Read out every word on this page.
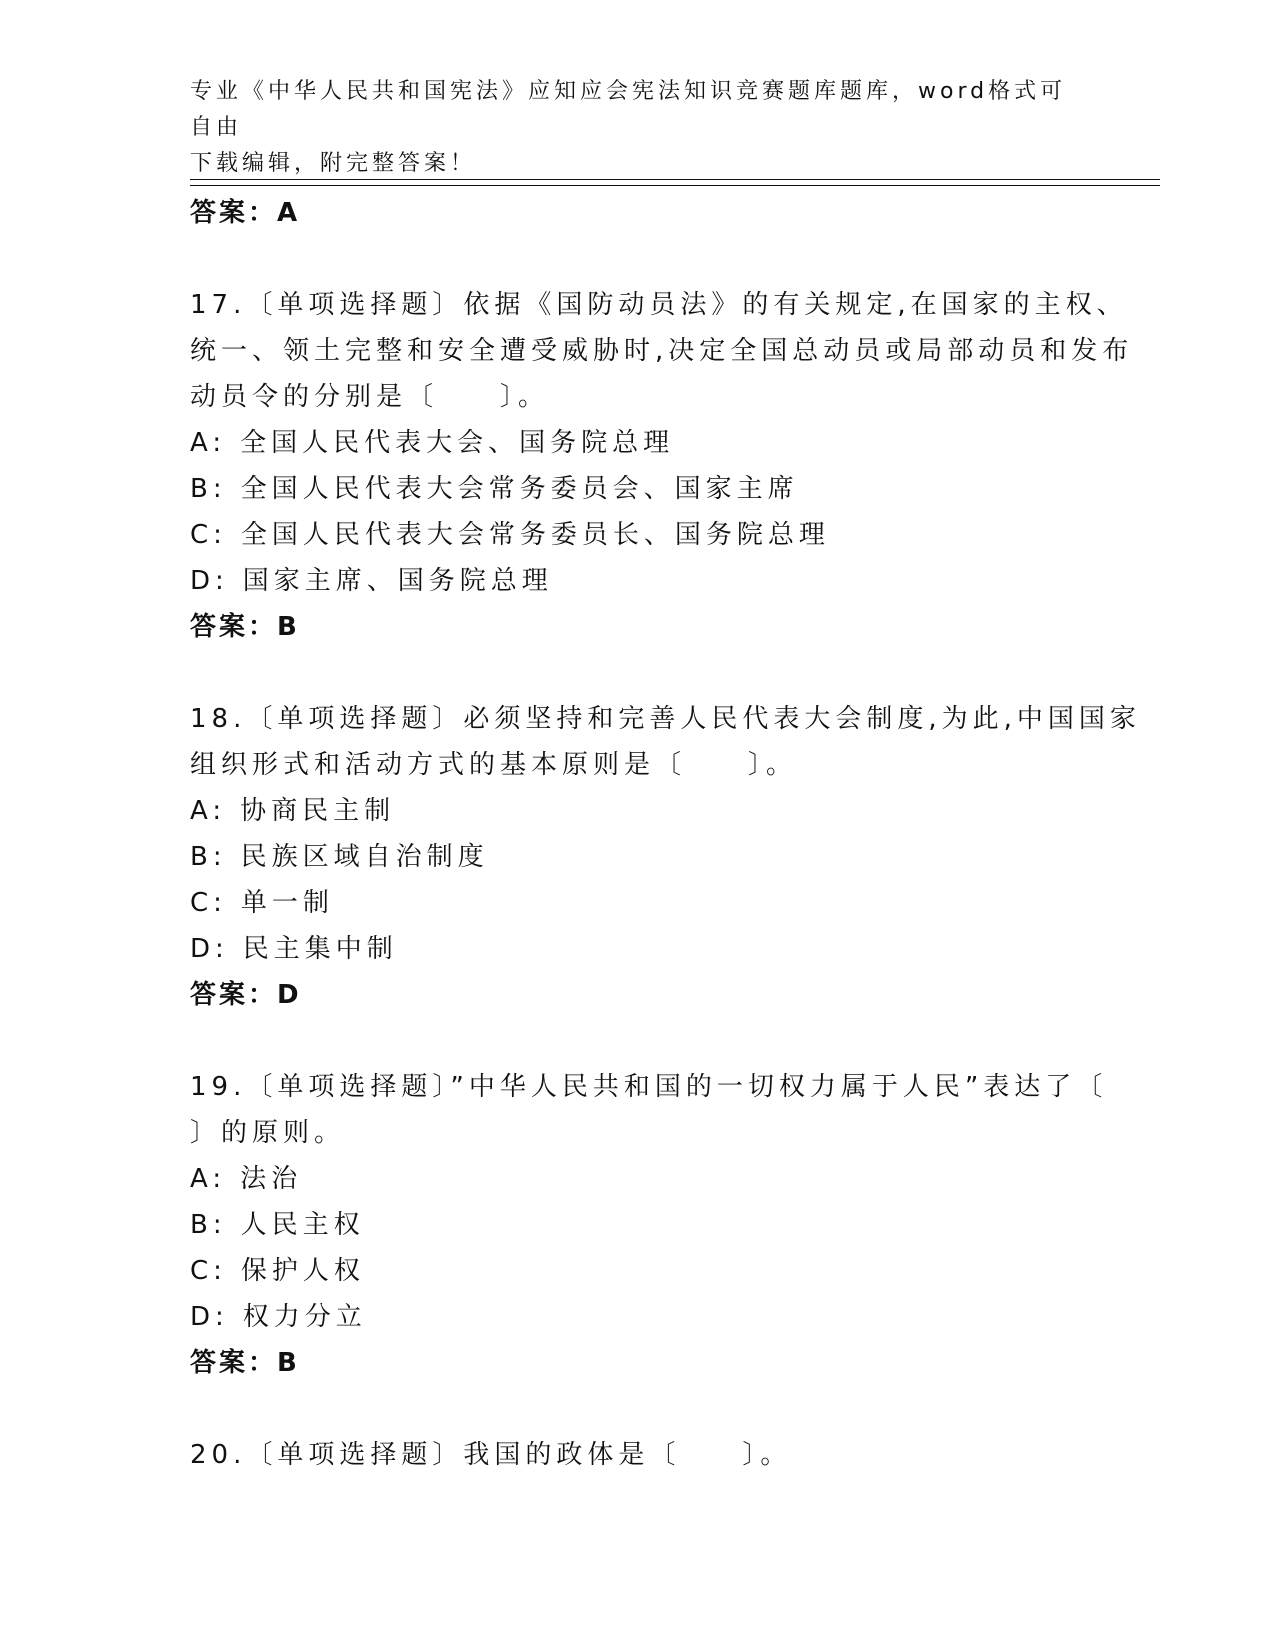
专业《中华人民共和国宪法》应知应会宪法知识竞赛题库题库，word格式可自由
下载编辑，附完整答案！
答案：A
17.〔单项选择题〕依据《国防动员法》的有关规定,在国家的主权、
统一、领土完整和安全遭受威胁时,决定全国总动员或局部动员和发布
动员令的分别是〔　　〕。
A: 全国人民代表大会、国务院总理
B: 全国人民代表大会常务委员会、国家主席
C: 全国人民代表大会常务委员长、国务院总理
D: 国家主席、国务院总理
答案：B
18.〔单项选择题〕必须坚持和完善人民代表大会制度,为此,中国国家
组织形式和活动方式的基本原则是〔　　〕。
A: 协商民主制
B: 民族区域自治制度
C: 单一制
D: 民主集中制
答案：D
19.〔单项选择题〕”中华人民共和国的一切权力属于人民”表达了〔
〕的原则。
A: 法治
B: 人民主权
C: 保护人权
D: 权力分立
答案：B
20.〔单项选择题〕我国的政体是〔　　〕。
